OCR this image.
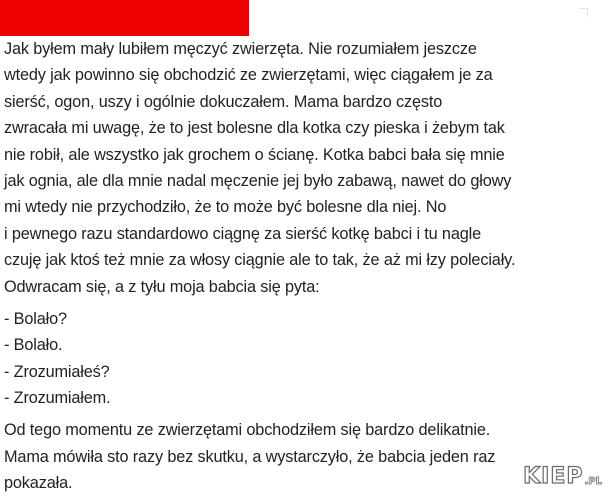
Jak byłem mały lubiłem męczyć zwierzęta. Nie rozumiałem jeszcze
wtedy jak powinno się obchodzić ze zwierzętami, więc ciągałem je za
sierść, ogon, uszy i ogólnie dokuczałem. Mama bardzo często
zwracała mi uwagę, że to jest bolesne dla kotka czy pieska i żebym tak
nie robił, ale wszystko jak grochem o ścianę. Kotka babci bała się mnie
jak ognia, ale dla mnie nadal męczenie jej było zabawą, nawet do głowy
mi wtedy nie przychodziło, że to może być bolesne dla niej. No
i pewnego razu standardowo ciągnę za sierść kotkę babci i tu nagle
czuję jak ktoś też mnie za włosy ciągnie ale to tak, że aż mi łzy poleciały.
Odwracam się, a z tyłu moja babcia się pyta:
- Bolało?
- Bolało.
- Zrozumiałeś?
- Zrozumiałem.
Od tego momentu ze zwierzętami obchodziłem się bardzo delikatnie.
Mama mówiła sto razy bez skutku, a wystarczyło, że babcia jeden raz
pokazała.	KIEP .PL
